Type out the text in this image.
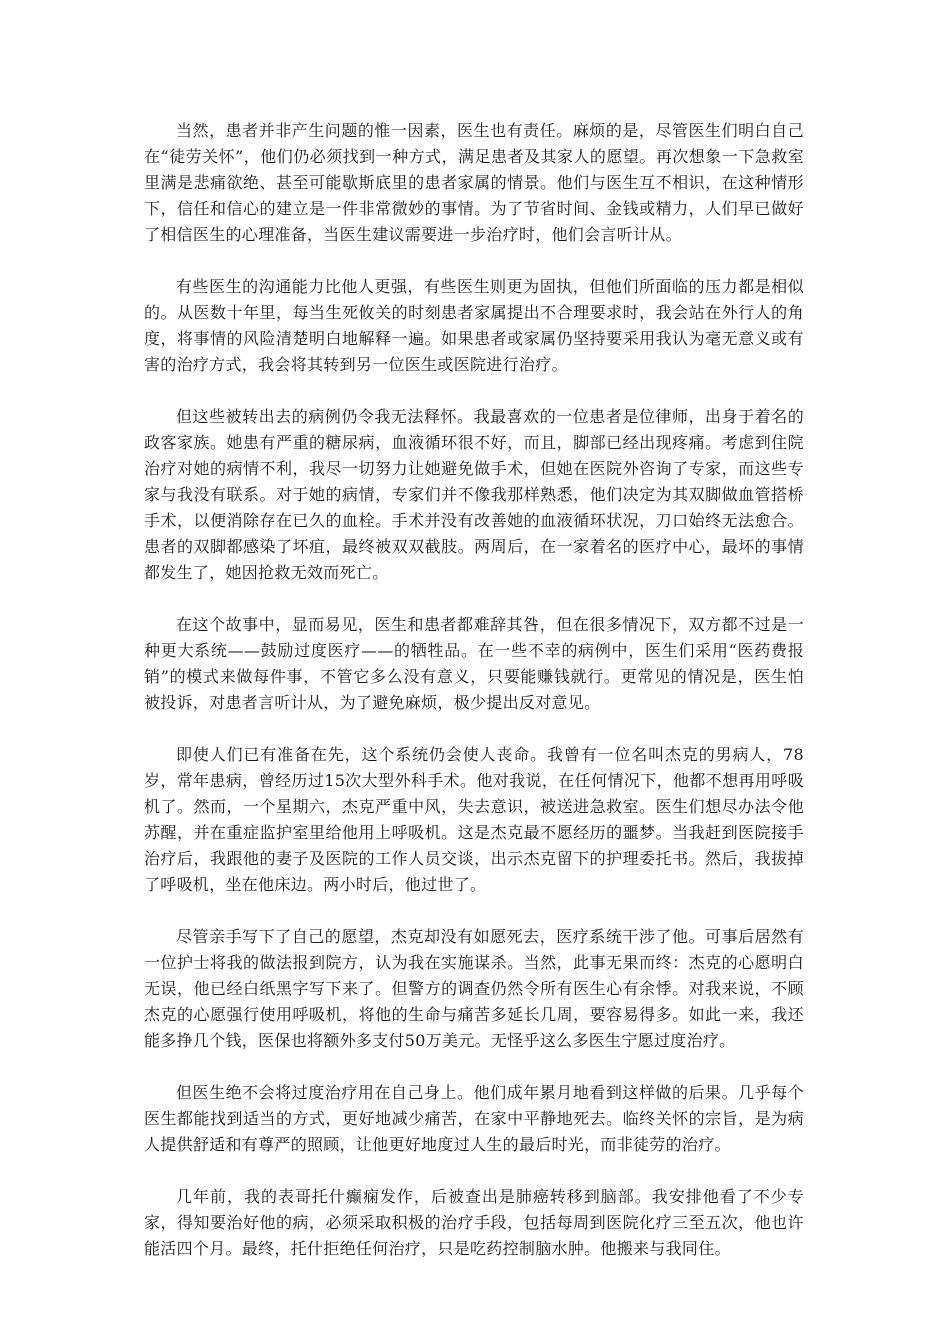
当然，患者并非产生问题的惟一因素，医生也有责任。麻烦的是，尽管医生们明白自己在“徒劳关怀”，他们仍必须找到一种方式，满足患者及其家人的愿望。再次想象一下急救室里满是悲痛欲绝、甚至可能歇斯底里的患者家属的情景。他们与医生互不相识，在这种情形下，信任和信心的建立是一件非常微妙的事情。为了节省时间、金钱或精力，人们早已做好了相信医生的心理准备，当医生建议需要进一步治疗时，他们会言听计从。

有些医生的沟通能力比他人更强，有些医生则更为固执，但他们所面临的压力都是相似的。从医数十年里，每当生死攸关的时刻患者家属提出不合理要求时，我会站在外行人的角度，将事情的风险清楚明白地解释一遍。如果患者或家属仍坚持要采用我认为毫无意义或有害的治疗方式，我会将其转到另一位医生或医院进行治疗。

但这些被转出去的病例仍令我无法释怀。我最喜欢的一位患者是位律师，出身于着名的政客家族。她患有严重的糖尿病，血液循环很不好，而且，脚部已经出现疼痛。考虑到住院治疗对她的病情不利，我尽一切努力让她避免做手术，但她在医院外咨询了专家，而这些专家与我没有联系。对于她的病情，专家们并不像我那样熟悉，他们决定为其双脚做血管搭桥手术，以便消除存在已久的血栓。手术并没有改善她的血液循环状况，刀口始终无法愈合。患者的双脚都感染了坏疽，最终被双双截肢。两周后，在一家着名的医疗中心，最坏的事情都发生了，她因抢救无效而死亡。

在这个故事中，显而易见，医生和患者都难辞其咎，但在很多情况下，双方都不过是一种更大系统——鼓励过度医疗——的牺牲品。在一些不幸的病例中，医生们采用“医药费报销”的模式来做每件事，不管它多么没有意义，只要能赚钱就行。更常见的情况是，医生怕被投诉，对患者言听计从，为了避免麻烦，极少提出反对意见。

即使人们已有准备在先，这个系统仍会使人丧命。我曾有一位名叫杰克的男病人，78岁，常年患病，曾经历过15次大型外科手术。他对我说，在任何情况下，他都不想再用呼吸机了。然而，一个星期六，杰克严重中风，失去意识，被送进急救室。医生们想尽办法令他苏醒，并在重症监护室里给他用上呼吸机。这是杰克最不愿经历的噩梦。当我赶到医院接手治疗后，我跟他的妻子及医院的工作人员交谈，出示杰克留下的护理委托书。然后，我拔掉了呼吸机，坐在他床边。两小时后，他过世了。

尽管亲手写下了自己的愿望，杰克却没有如愿死去，医疗系统干涉了他。可事后居然有一位护士将我的做法报到院方，认为我在实施谋杀。当然，此事无果而终：杰克的心愿明白无误，他已经白纸黑字写下来了。但警方的调查仍然令所有医生心有余悸。对我来说，不顾杰克的心愿强行使用呼吸机，将他的生命与痛苦多延长几周，要容易得多。如此一来，我还能多挣几个钱，医保也将额外多支付50万美元。无怪乎这么多医生宁愿过度治疗。

但医生绝不会将过度治疗用在自己身上。他们成年累月地看到这样做的后果。几乎每个医生都能找到适当的方式，更好地减少痛苦，在家中平静地死去。临终关怀的宗旨，是为病人提供舒适和有尊严的照顾，让他更好地度过人生的最后时光，而非徒劳的治疗。

几年前，我的表哥托什癫痫发作，后被查出是肺癌转移到脑部。我安排他看了不少专家，得知要治好他的病，必须采取积极的治疗手段，包括每周到医院化疗三至五次，他也许能活四个月。最终，托什拒绝任何治疗，只是吃药控制脑水肿。他搬来与我同住。
